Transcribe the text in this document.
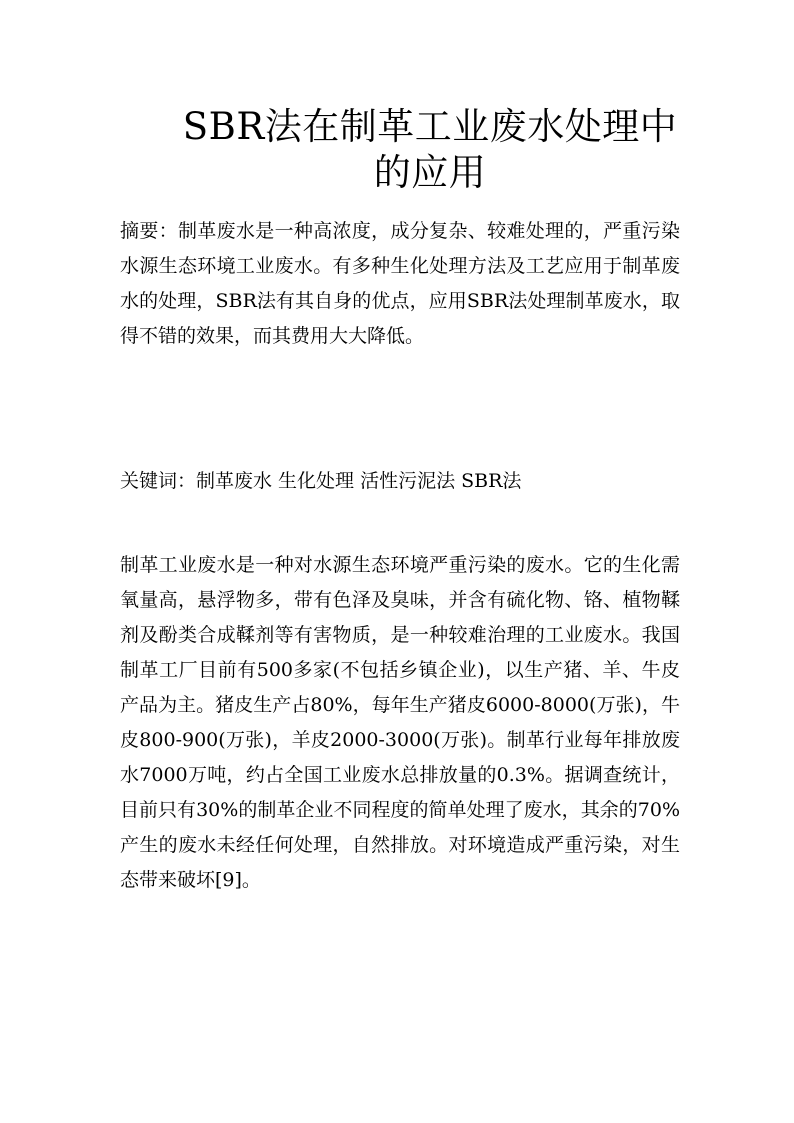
SBR法在制革工业废水处理中
的应用

摘要：制革废水是一种高浓度，成分复杂、较难处理的，严重污染水源生态环境工业废水。有多种生化处理方法及工艺应用于制革废水的处理，SBR法有其自身的优点，应用SBR法处理制革废水，取得不错的效果，而其费用大大降低。

关键词：制革废水 生化处理 活性污泥法 SBR法

制革工业废水是一种对水源生态环境严重污染的废水。它的生化需氧量高，悬浮物多，带有色泽及臭味，并含有硫化物、铬、植物鞣剂及酚类合成鞣剂等有害物质，是一种较难治理的工业废水。我国制革工厂目前有500多家(不包括乡镇企业)，以生产猪、羊、牛皮产品为主。猪皮生产占80%，每年生产猪皮6000-8000(万张)，牛皮800-900(万张)，羊皮2000-3000(万张)。制革行业每年排放废水7000万吨，约占全国工业废水总排放量的0.3%。据调查统计，目前只有30%的制革企业不同程度的简单处理了废水，其余的70%产生的废水未经任何处理，自然排放。对环境造成严重污染，对生态带来破坏[9]。
